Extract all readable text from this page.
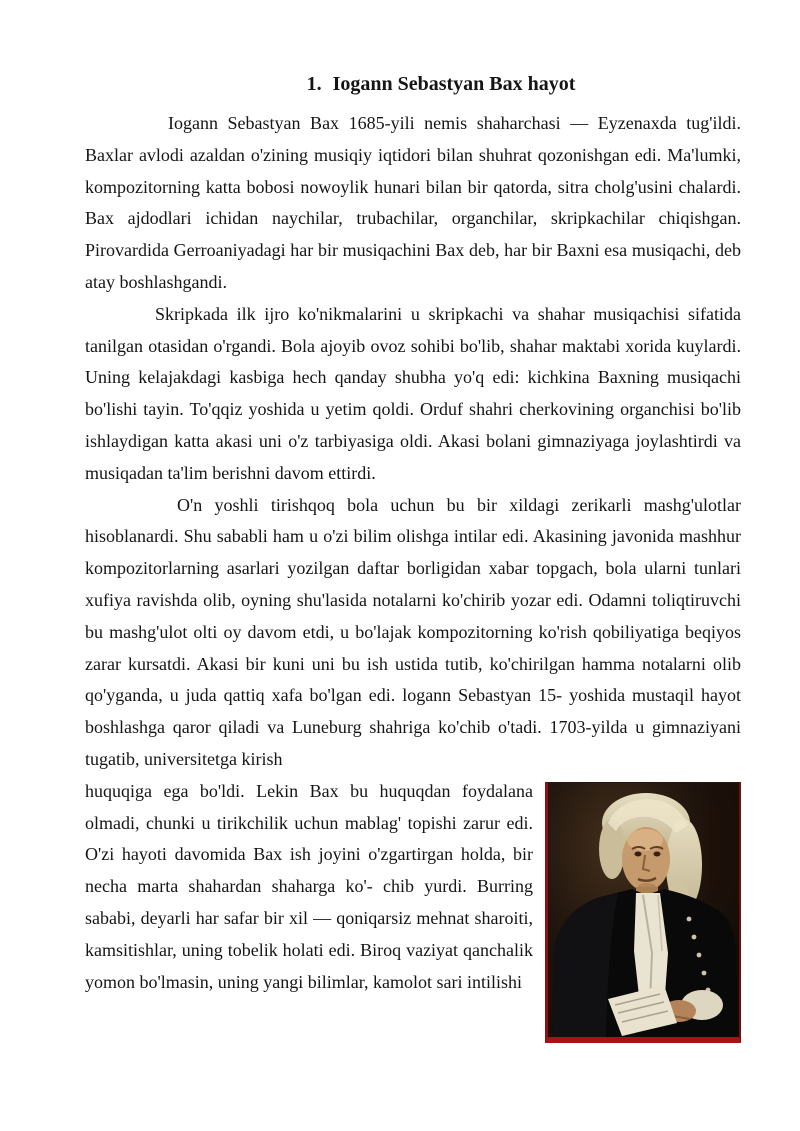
1. Iogann Sebastyan Bax hayot

Iogann Sebastyan Bax 1685-yili nemis shaharchasi — Eyzenaxda tug'ildi. Baxlar avlodi azaldan o'zining musiqiy iqtidori bilan shuhrat qozonishgan edi. Ma'lumki, kompozitorning katta bobosi nowoylik hunari bilan bir qatorda, sitra cholg'usini chalardi. Bax ajdodlari ichidan naychilar, trubachilar, organchilar, skripkachilar chiqishgan. Pirovardida Gerroaniyadagi har bir musiqachini Bax deb, har bir Baxni esa musiqachi, deb atay boshlashgandi.

Skripkada ilk ijro ko'nikmalarini u skripkachi va shahar musiqachisi sifatida tanilgan otasidan o'rgandi. Bola ajoyib ovoz sohibi bo'lib, shahar maktabi xorida kuylardi. Uning kelajakdagi kasbiga hech qanday shubha yo'q edi: kichkina Baxning musiqachi bo'lishi tayin. To'qqiz yoshida u yetim qoldi. Orduf shahri cherkovining organchisi bo'lib ishlaydigan katta akasi uni o'z tarbiyasiga oldi. Akasi bolani gimnaziyaga joylashtirdi va musiqadan ta'lim berishni davom ettirdi.

O'n yoshli tirishqoq bola uchun bu bir xildagi zerikarli mashg'ulotlar hisoblanardi. Shu sababli ham u o'zi bilim olishga intilar edi. Akasining javonida mashhur kompozitorlarning asarlari yozilgan daftar borligidan xabar topgach, bola ularni tunlari xufiya ravishda olib, oyning shu'lasida notalarni ko'chirib yozar edi. Odamni toliqtiruvchi bu mashg'ulot olti oy davom etdi, u bo'lajak kompozitorning ko'rish qobiliyatiga beqiyos zarar kursatdi. Akasi bir kuni uni bu ish ustida tutib, ko'chirilgan hamma notalarni olib qo'yganda, u juda qattiq xafa bo'lgan edi. logann Sebastyan 15- yoshida mustaqil hayot boshlashga qaror qiladi va Luneburg shahriga ko'chib o'tadi. 1703-yilda u gimnaziyani tugatib, universitetga kirish

huquqiga ega bo'ldi. Lekin Bax bu huquqdan foydalana olmadi, chunki u tirikchilik uchun mablag' topishi zarur edi. O'zi hayoti davomida Bax ish joyini o'zgartirgan holda, bir necha marta shahardan shaharga ko'- chib yurdi. Burring sababi, deyarli har safar bir xil — qoniqarsiz mehnat sharoiti, kamsitishlar, uning tobelik holati edi. Biroq vaziyat qanchalik yomon bo'lmasin, uning yangi bilimlar, kamolot sari intilishi
